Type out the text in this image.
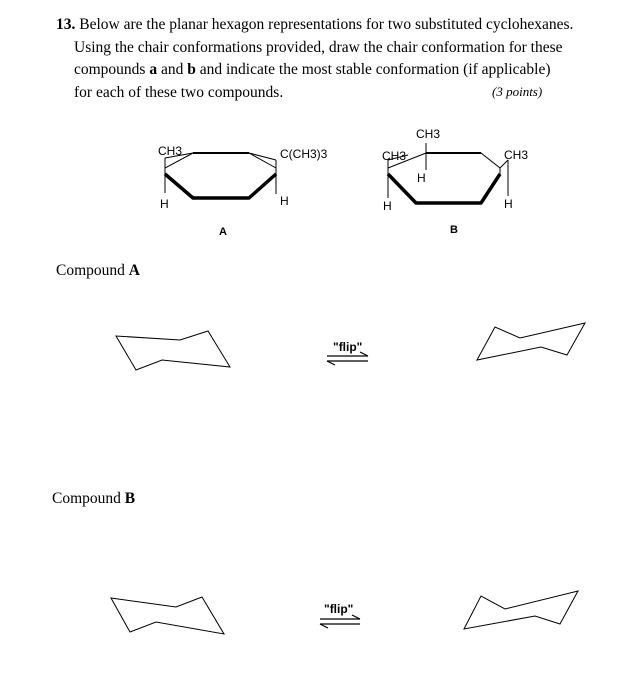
13. Below are the planar hexagon representations for two substituted cyclohexanes.
Using the chair conformations provided, draw the chair conformation for these
compounds a and b and indicate the most stable conformation (if applicable)
for each of these two compounds.	(3 points)
Compound A
Compound B
CH3
H
C(CH3)3
H
A
CH3
CH3
H
H
CH3
H
B
"flip"
"flip"
